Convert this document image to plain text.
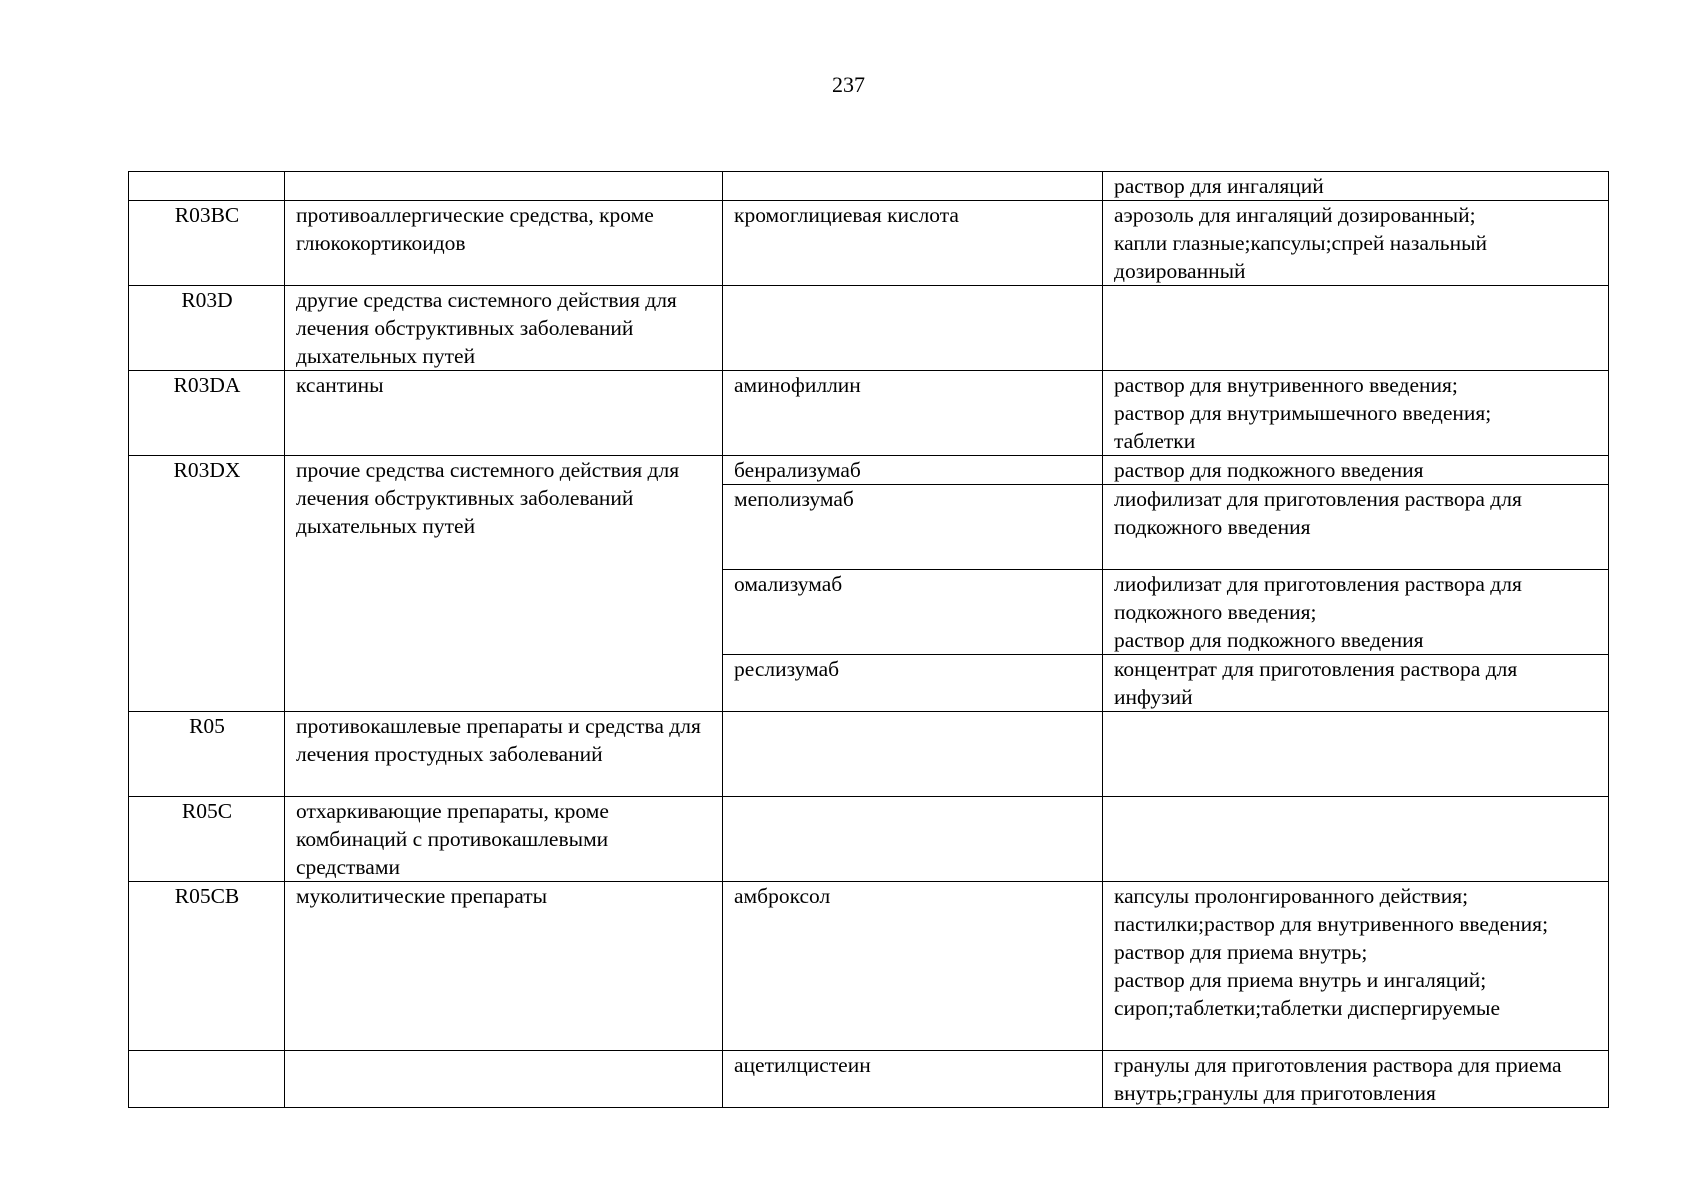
237
			раствор для ингаляций
R03BC	противоаллергические средства, кроме глюкокортикоидов	кромоглициевая кислота	аэрозоль для ингаляций дозированный;
капли глазные;капсулы;спрей назальный дозированный
R03D	другие средства системного действия для лечения обструктивных заболеваний дыхательных путей		
R03DA	ксантины	аминофиллин	раствор для внутривенного введения;
раствор для внутримышечного введения;
таблетки
R03DX	прочие средства системного действия для лечения обструктивных заболеваний дыхательных путей	бенрализумаб	раствор для подкожного введения
		меполизумаб	лиофилизат для приготовления раствора для подкожного введения
		омализумаб	лиофилизат для приготовления раствора для подкожного введения;
раствор для подкожного введения
		реслизумаб	концентрат для приготовления раствора для инфузий
R05	противокашлевые препараты и средства для лечения простудных заболеваний		
R05C	отхаркивающие препараты, кроме комбинаций с противокашлевыми средствами		
R05CB	муколитические препараты	амброксол	капсулы пролонгированного действия;
пастилки;раствор для внутривенного введения;
раствор для приема внутрь;
раствор для приема внутрь и ингаляций;
сироп;таблетки;таблетки диспергируемые
		ацетилцистеин	гранулы для приготовления раствора для приема внутрь;гранулы для приготовления
